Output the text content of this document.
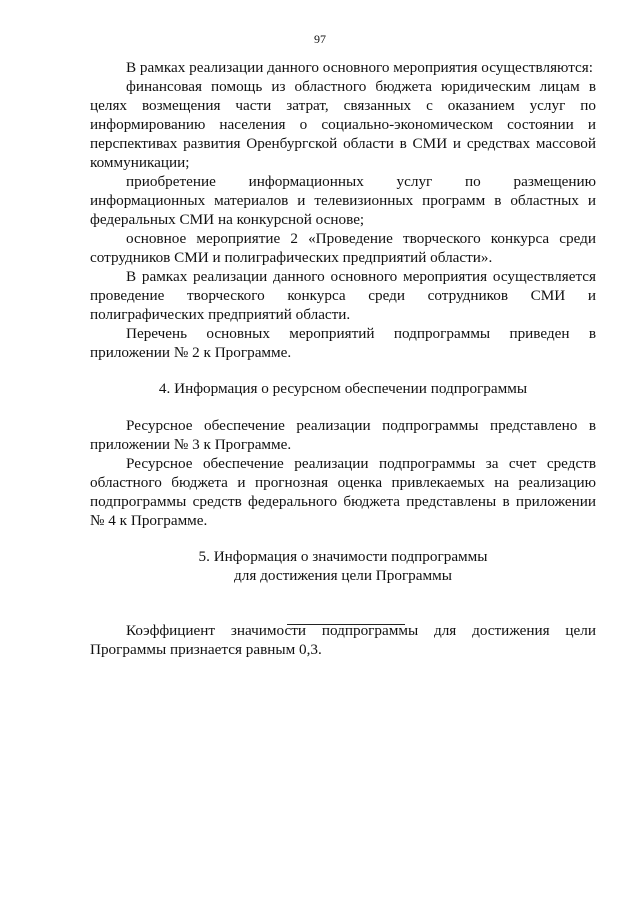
97

В рамках реализации данного основного мероприятия осуществляются:

финансовая помощь из областного бюджета юридическим лицам в целях возмещения части затрат, связанных с оказанием услуг по информированию населения о социально-экономическом состоянии и перспективах развития Оренбургской области в СМИ и средствах массовой коммуникации;

приобретение информационных услуг по размещению информационных материалов и телевизионных программ в областных и федеральных СМИ на конкурсной основе;

основное мероприятие 2 «Проведение творческого конкурса среди сотрудников СМИ и полиграфических предприятий области».

В рамках реализации данного основного мероприятия осуществляется проведение творческого конкурса среди сотрудников СМИ и полиграфических предприятий области.

Перечень основных мероприятий подпрограммы приведен в приложении № 2 к Программе.

4. Информация о ресурсном обеспечении подпрограммы

Ресурсное обеспечение реализации подпрограммы представлено в приложении № 3 к Программе.

Ресурсное обеспечение реализации подпрограммы за счет средств областного бюджета и прогнозная оценка привлекаемых на реализацию подпрограммы средств федерального бюджета представлены в приложении № 4 к Программе.

5. Информация о значимости подпрограммы

для достижения цели Программы

Коэффициент значимости подпрограммы для достижения цели Программы признается равным 0,3.
